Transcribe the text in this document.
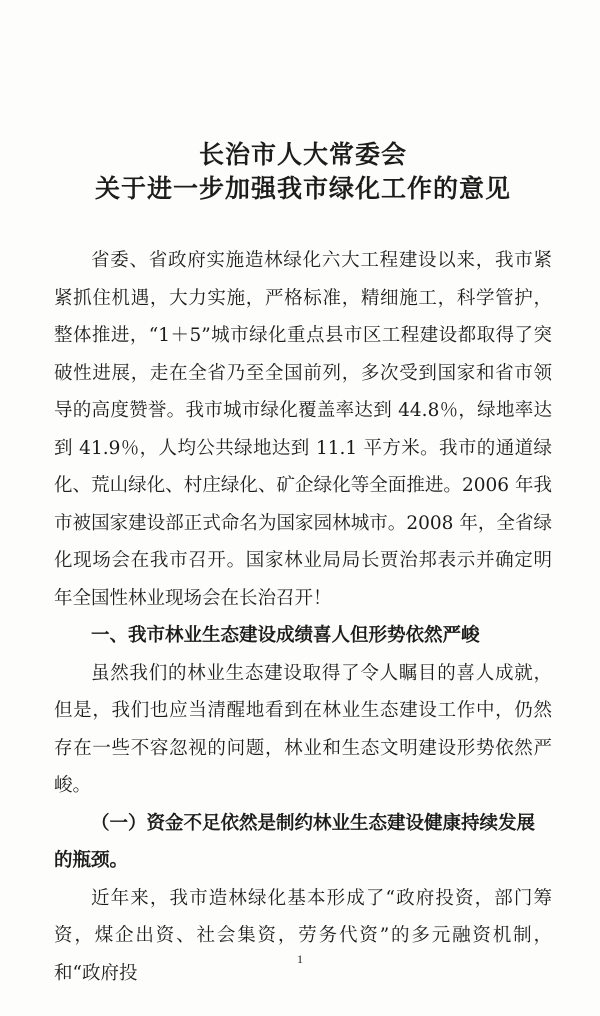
长治市人大常委会
关于进一步加强我市绿化工作的意见

省委、省政府实施造林绿化六大工程建设以来，我市紧紧抓住机遇，大力实施，严格标准，精细施工，科学管护，整体推进，“1＋5”城市绿化重点县市区工程建设都取得了突破性进展，走在全省乃至全国前列，多次受到国家和省市领导的高度赞誉。我市城市绿化覆盖率达到 44.8％，绿地率达到 41.9％，人均公共绿地达到 11.1 平方米。我市的通道绿化、荒山绿化、村庄绿化、矿企绿化等全面推进。2006 年我市被国家建设部正式命名为国家园林城市。2008 年，全省绿化现场会在我市召开。国家林业局局长贾治邦表示并确定明年全国性林业现场会在长治召开！

一、我市林业生态建设成绩喜人但形势依然严峻

虽然我们的林业生态建设取得了令人瞩目的喜人成就，但是，我们也应当清醒地看到在林业生态建设工作中，仍然存在一些不容忽视的问题，林业和生态文明建设形势依然严峻。

（一）资金不足依然是制约林业生态建设健康持续发展的瓶颈。

近年来，我市造林绿化基本形成了“政府投资，部门筹资，煤企出资、社会集资，劳务代资”的多元融资机制，和“政府投

1
